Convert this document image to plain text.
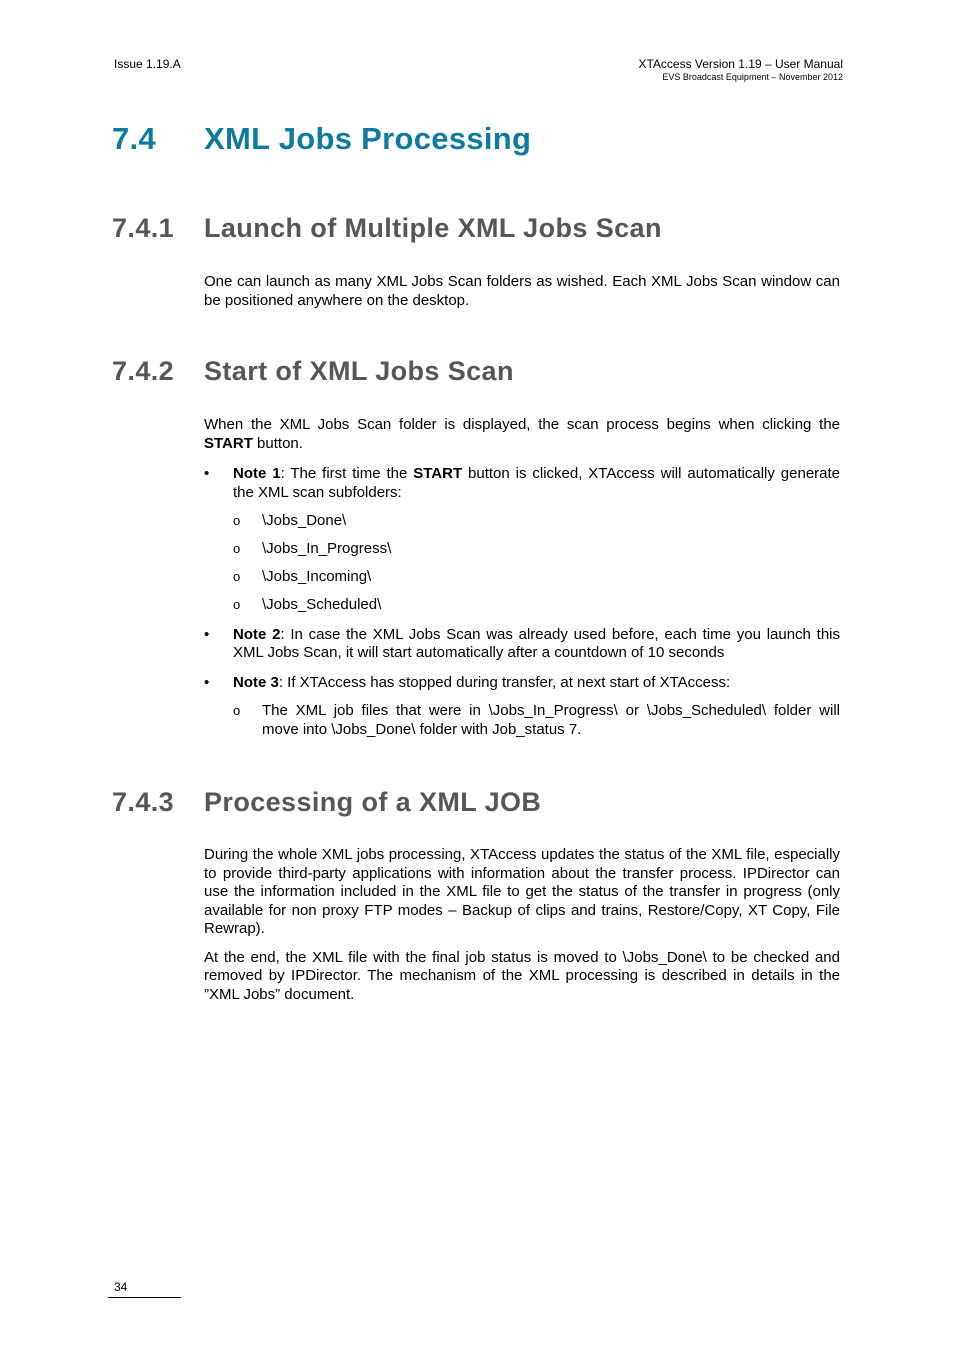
Issue 1.19.A	XTAccess Version 1.19 – User Manual
EVS Broadcast Equipment – November 2012
7.4 XML Jobs Processing
7.4.1 Launch of Multiple XML Jobs Scan

One can launch as many XML Jobs Scan folders as wished. Each XML Jobs Scan window can be positioned anywhere on the desktop.

7.4.2 Start of XML Jobs Scan

When the XML Jobs Scan folder is displayed, the scan process begins when clicking the START button.

• Note 1: The first time the START button is clicked, XTAccess will automatically generate the XML scan subfolders:
o \Jobs_Done\
o \Jobs_In_Progress\
o \Jobs_Incoming\
o \Jobs_Scheduled\
• Note 2: In case the XML Jobs Scan was already used before, each time you launch this XML Jobs Scan, it will start automatically after a countdown of 10 seconds
• Note 3: If XTAccess has stopped during transfer, at next start of XTAccess:
o The XML job files that were in \Jobs_In_Progress\ or \Jobs_Scheduled\ folder will move into \Jobs_Done\ folder with Job_status 7.
7.4.3 Processing of a XML JOB

During the whole XML jobs processing, XTAccess updates the status of the XML file, especially to provide third-party applications with information about the transfer process. IPDirector can use the information included in the XML file to get the status of the transfer in progress (only available for non proxy FTP modes – Backup of clips and trains, Restore/Copy, XT Copy, File Rewrap).

At the end, the XML file with the final job status is moved to \Jobs_Done\ to be checked and removed by IPDirector. The mechanism of the XML processing is described in details in the ”XML Jobs” document.

34
